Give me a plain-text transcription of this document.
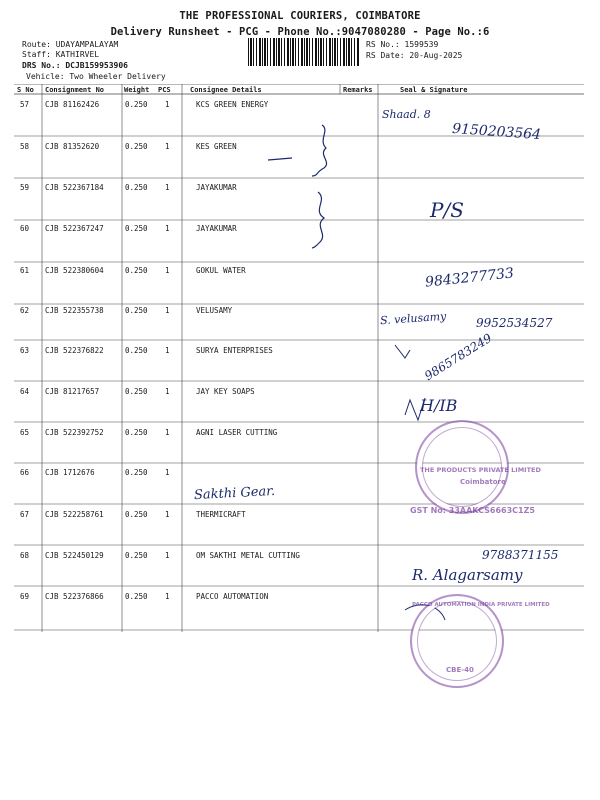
THE PROFESSIONAL COURIERS, COIMBATORE
Delivery Runsheet - PCG - Phone No.:9047080280 - Page No.:6
Route: UDAYAMPALAYAM
Staff: KATHIRVEL
DRS No.: DCJB159953906
Vehicle: Two Wheeler Delivery
RS No.: 1599539
RS Date: 20-Aug-2025
S No Consignment No	Weight PCS	Consignee Details	Remarks	Seal & Signature
57 CJB 81162426	0.250 1	KCS GREEN ENERGY
58 CJB 81352620	0.250 1	KES GREEN
59 CJB 522367184	0.250 1	JAYAKUMAR
60 CJB 522367247	0.250 1	JAYAKUMAR
61 CJB 522380604	0.250 1	GOKUL WATER
62 CJB 522355738	0.250 1	VELUSAMY
63 CJB 522376822	0.250 1	SURYA ENTERPRISES
64 CJB 81217657	0.250 1	JAY KEY SOAPS
65 CJB 522392752	0.250 1	AGNI LASER CUTTING
66 CJB 1712676	0.250 1
67 CJB 522258761	0.250 1	THERMICRAFT
68 CJB 522450129	0.250 1	OM SAKTHI METAL CUTTING
69 CJB 522376866	0.250 1	PACCO AUTOMATION
Shaad. 8
9150203564
P/S
9843277733
S. velusamy 9952534527
9865783249
H/IB
Sakthi Gear.
9788371155
R. Alagarsamy
THE PRODUCTS PRIVATE LIMITED
Coimbatore
GST No: 33AAKCS6663C1Z5
PACCO AUTOMATION INDIA PRIVATE LIMITED
CBE-40
